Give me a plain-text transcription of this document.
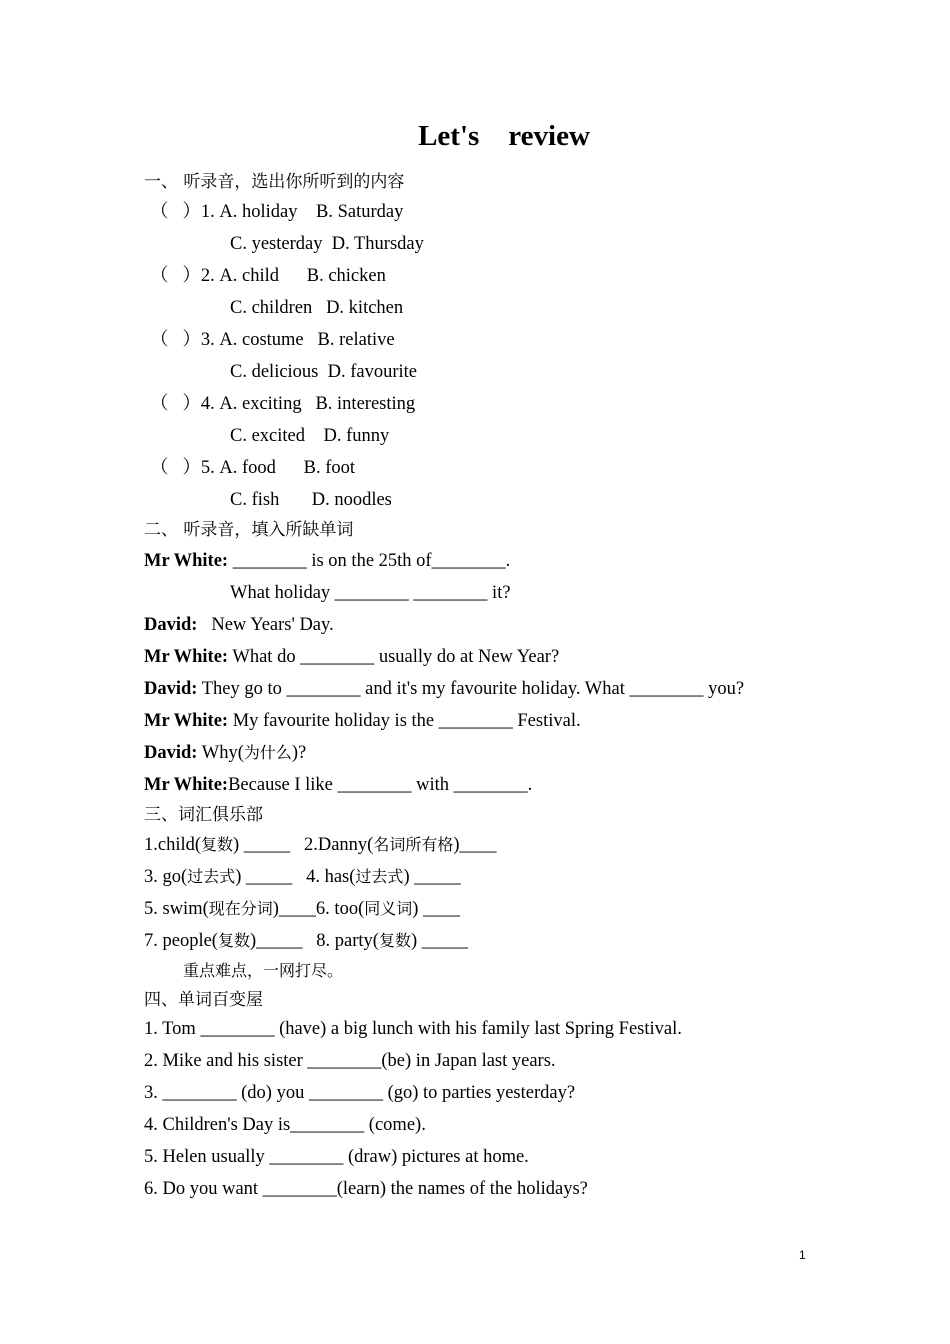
Let's    review
一、 听录音，选出你所听到的内容
（   ）1. A. holiday    B. Saturday
C. yesterday  D. Thursday
（   ）2. A. child      B. chicken
C. children   D. kitchen
（   ）3. A. costume   B. relative
C. delicious  D. favourite
（   ）4. A. exciting   B. interesting
C. excited    D. funny
（   ）5. A. food      B. foot
C. fish       D. noodles
二、 听录音，填入所缺单词
Mr White: ________ is on the 25th of________.
What holiday ________ ________ it?
David:   New Years' Day.
Mr White: What do ________ usually do at New Year?
David: They go to ________ and it's my favourite holiday. What ________ you?
Mr White: My favourite holiday is the ________ Festival.
David: Why(为什么)?
Mr White:Because I like ________ with ________.
三、词汇俱乐部
1.child(复数) _____   2.Danny(名词所有格)____
3. go(过去式) _____   4. has(过去式) _____
5. swim(现在分词)____6. too(同义词) ____
7. people(复数)_____   8. party(复数) _____
重点难点，一网打尽。
四、单词百变屋
1. Tom ________ (have) a big lunch with his family last Spring Festival.
2. Mike and his sister ________(be) in Japan last years.
3. ________ (do) you ________ (go) to parties yesterday?
4. Children's Day is________ (come).
5. Helen usually ________ (draw) pictures at home.
6. Do you want ________(learn) the names of the holidays?
1
